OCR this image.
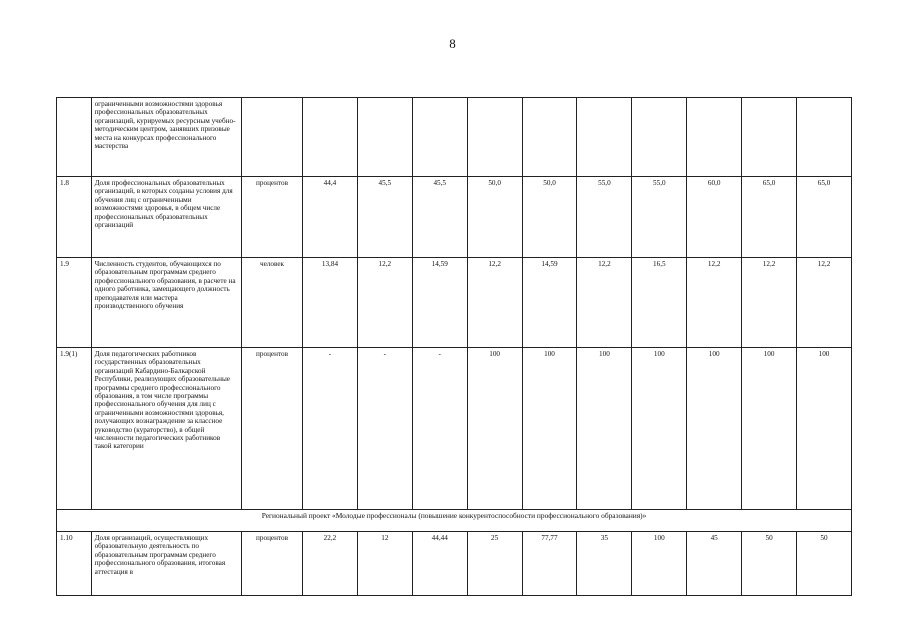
8
	ограниченными возможностями здоровья профессиональных образовательных организаций, курируемых ресурсным учебно-методическим центром, занявших призовые места на конкурсах профессионального мастерства											
1.8	Доля профессиональных образовательных организаций, в которых созданы условия для обучения лиц с ограниченными возможностями здоровья, в общем числе профессиональных образовательных организаций	процентов	44,4	45,5	45,5	50,0	50,0	55,0	55,0	60,0	65,0	65,0
1.9	Численность студентов, обучающихся по образовательным программам среднего профессионального образования, в расчете на одного работника, замещающего должность преподавателя или мастера производственного обучения	человек	13,84	12,2	14,59	12,2	14,59	12,2	16,5	12,2	12,2	12,2
1.9(1)	Доля педагогических работников государственных образовательных организаций Кабардино-Балкарской Республики, реализующих образовательные программы среднего профессионального образования, в том числе программы профессионального обучения для лиц с ограниченными возможностями здоровья, получающих вознаграждение за классное руководство (кураторство), в общей численности педагогических работников такой категории	процентов	-	-	-	100	100	100	100	100	100	100
Региональный проект «Молодые профессионалы (повышение конкурентоспособности профессионального образования)»												
1.10	Доля организаций, осуществляющих образовательную деятельность по образовательным программам среднего профессионального образования, итоговая аттестация в	процентов	22,2	12	44,44	25	77,77	35	100	45	50	50
